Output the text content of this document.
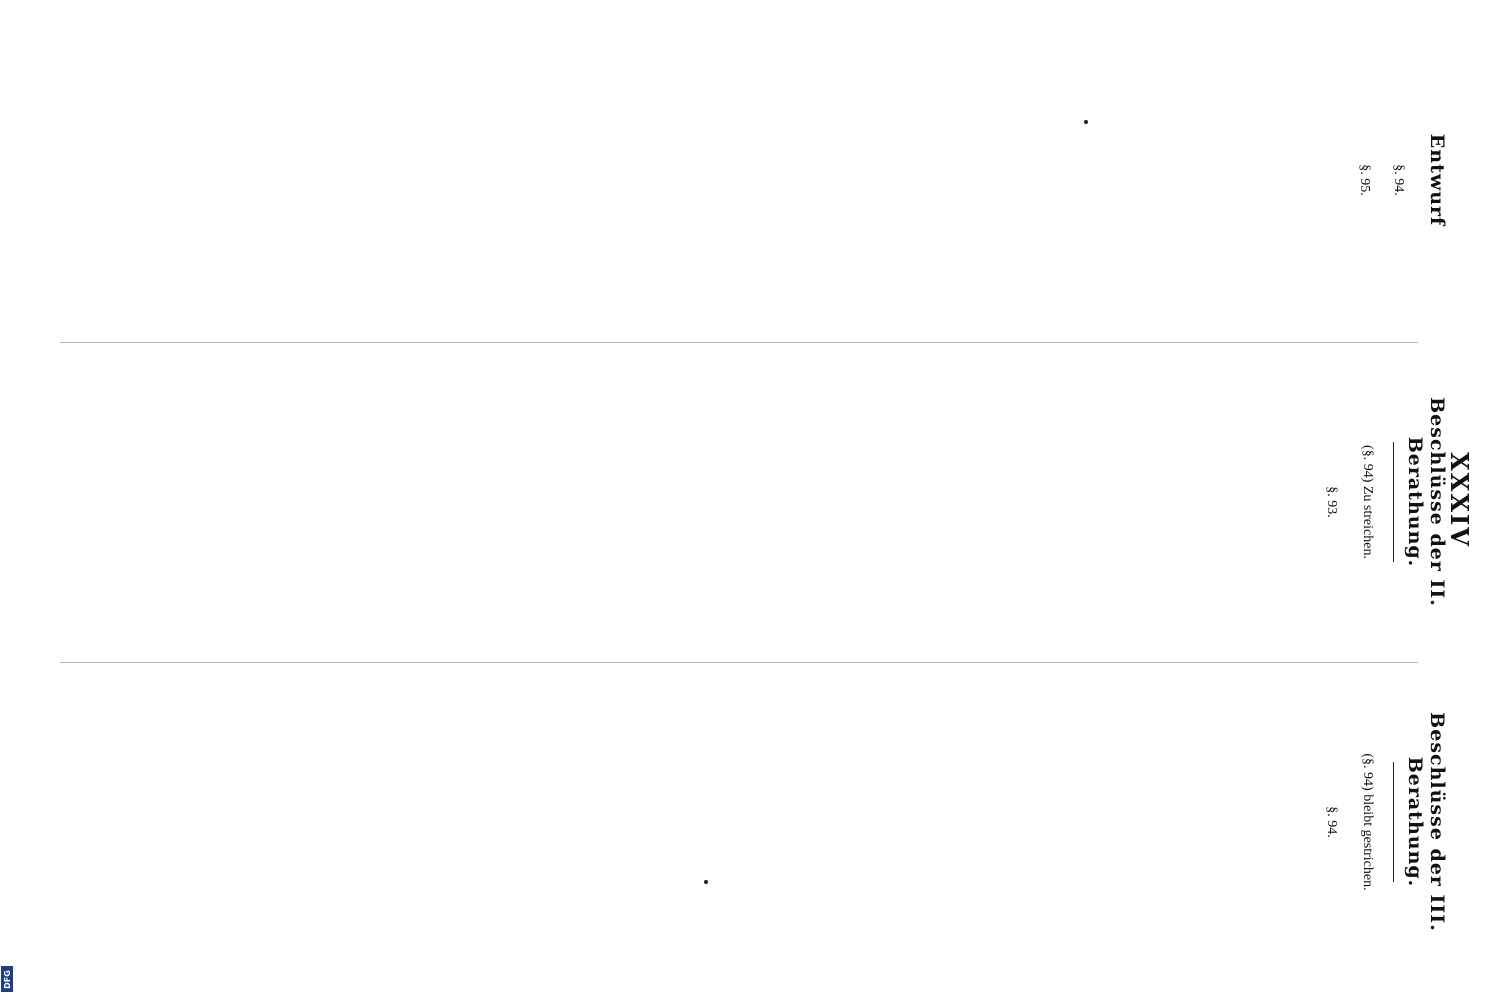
XXXIV
Entwurf

§. 94.

§. 95.

Beschlüsse der II. Berathung.

(§. 94) Zu streichen.

§. 93.

Beschlüsse der III. Berathung.

(§. 94) bleibt gestrichen.

§. 94.

DFG
